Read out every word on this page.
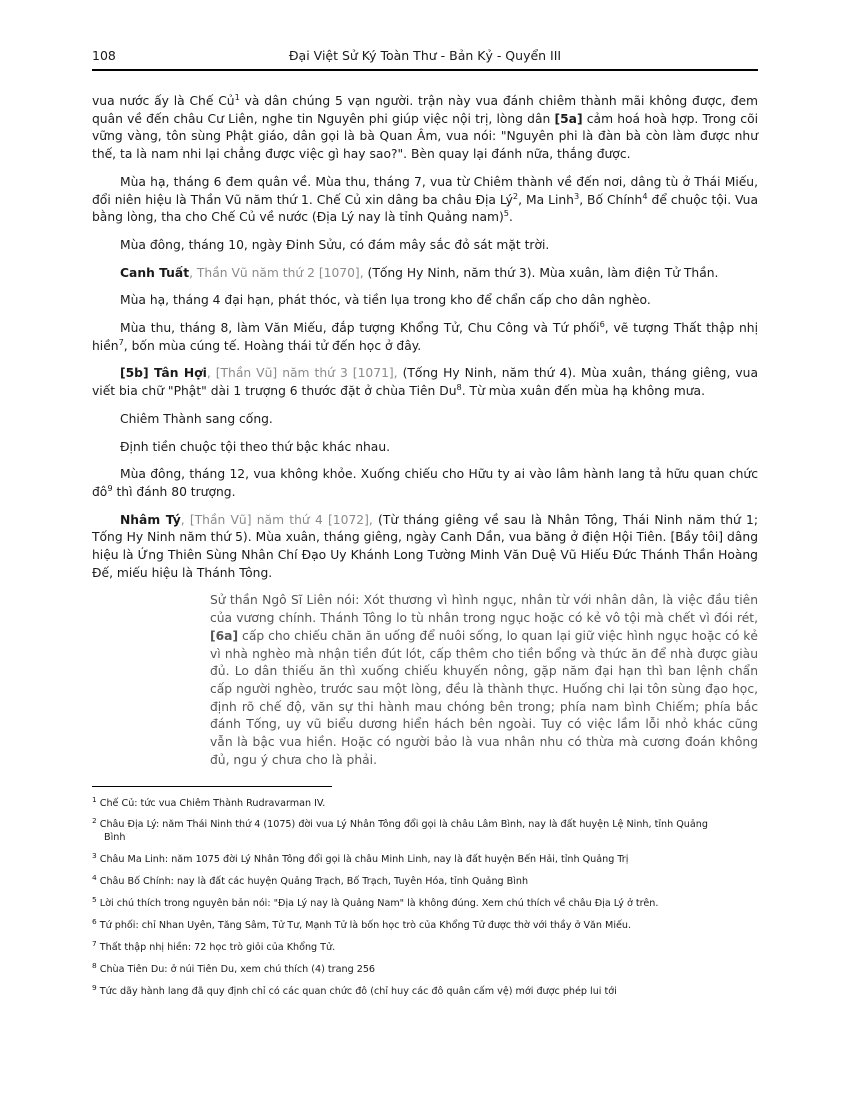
108	Đại Việt Sử Ký Toàn Thư - Bản Kỷ - Quyển III

vua nước ấy là Chế Củ$^1$ và dân chúng 5 vạn người. trận này vua đánh chiêm thành mãi không được, đem quân về đến châu Cư Liên, nghe tin Nguyên phi giúp việc nội trị, lòng dân [5a] cảm hoá hoà hợp. Trong cõi vững vàng, tôn sùng Phật giáo, dân gọi là bà Quan Âm, vua nói: "Nguyên phi là đàn bà còn làm được như thế, ta là nam nhi lại chẳng được việc gì hay sao?". Bèn quay lại đánh nữa, thắng được.

Mùa hạ, tháng 6 đem quân về. Mùa thu, tháng 7, vua từ Chiêm thành về đến nơi, dâng tù ở Thái Miếu, đổi niên hiệu là Thần Vũ năm thứ 1. Chế Củ xin dâng ba châu Địa $Lý^2$, Ma Linh$^3$, Bố Chính$^4$ để chuộc tội. Vua bằng lòng, tha cho Chế Củ về nước (Địa Lý nay là tỉnh Quảng nam)$^5$.

Mùa đông, tháng 10, ngày Đinh Sửu, có đám mây sắc đỏ sát mặt trời.

Canh Tuất, Thần Vũ năm thứ 2 [1070], (Tống Hy Ninh, năm thứ 3). Mùa xuân, làm điện Tử Thần.

Mùa hạ, tháng 4 đại hạn, phát thóc, và tiền lụa trong kho để chẩn cấp cho dân nghèo.

Mùa thu, tháng 8, làm Văn Miếu, đắp tượng Khổng Tử, Chu Công và Tứ phối$^6$, vẽ tượng Thất thập nhị hiền$^7$, bốn mùa cúng tế. Hoàng thái tử đến học ở đây.

[5b] Tân Hợi, [Thần Vũ] năm thứ 3 [1071], (Tống Hy Ninh, năm thứ 4). Mùa xuân, tháng giêng, vua viết bia chữ "Phật" dài 1 trượng 6 thước đặt ở chùa Tiên Du$^8$. Từ mùa xuân đến mùa hạ không mưa.

Chiêm Thành sang cống.

Định tiền chuộc tội theo thứ bậc khác nhau.

Mùa đông, tháng 12, vua không khỏe. Xuống chiếu cho Hữu ty ai vào lâm hành lang tả hữu quan chức $đô^9$ thì đánh 80 trượng.

Nhâm Tý, [Thần Vũ] năm thứ 4 [1072], (Từ tháng giêng về sau là Nhân Tông, Thái Ninh năm thứ 1; Tống Hy Ninh năm thứ 5). Mùa xuân, tháng giêng, ngày Canh Dần, vua băng ở điện Hội Tiên. [Bầy tôi] dâng hiệu là Ứng Thiên Sùng Nhân Chí Đạo Uy Khánh Long Tường Minh Văn Duệ Vũ Hiếu Đức Thánh Thần Hoàng Đế, miếu hiệu là Thánh Tông.

Sử thần Ngô Sĩ Liên nói: Xót thương vì hình ngục, nhân từ với nhân dân, là việc đầu tiên của vương chính. Thánh Tông lo tù nhân trong ngục hoặc có kẻ vô tội mà chết vì đói rét, [6a] cấp cho chiếu chăn ăn uống để nuôi sống, lo quan lại giữ việc hình ngục hoặc có kẻ vì nhà nghèo mà nhận tiền đút lót, cấp thêm cho tiền bổng và thức ăn để nhà được giàu đủ. Lo dân thiếu ăn thì xuống chiếu khuyến nông, gặp năm đại hạn thì ban lệnh chẩn cấp người nghèo, trước sau một lòng, đều là thành thực. Huống chi lại tôn sùng đạo học, định rõ chế độ, văn sự thi hành mau chóng bên trong; phía nam bình Chiếm; phía bắc đánh Tống, uy vũ biểu dương hiển hách bên ngoài. Tuy có việc lầm lỗi nhỏ khác cũng vẫn là bậc vua hiền. Hoặc có người bảo là vua nhân nhu có thừa mà cương đoán không đủ, ngu ý chưa cho là phải.

$^1$ Chế Củ: tức vua Chiêm Thành Rudravarman IV.
$^2$ Châu Địa Lý: năm Thái Ninh thứ 4 (1075) đời vua Lý Nhân Tông đổi gọi là châu Lâm Bình, nay là đất huyện Lệ Ninh, tỉnh Quảng
Bình
$^3$ Châu Ma Linh: năm 1075 đời Lý Nhân Tông đổi gọi là châu Minh Linh, nay là đất huyện Bến Hải, tỉnh Quảng Trị
$^4$ Châu Bố Chính: nay là đất các huyện Quảng Trạch, Bố Trạch, Tuyên Hóa, tỉnh Quảng Bình
$^5$ Lời chú thích trong nguyên bản nói: "Địa Lý nay là Quảng Nam" là không đúng. Xem chú thích về châu Địa Lý ở trên.
$^6$ Tứ phối: chỉ Nhan Uyên, Tăng Sâm, Tử Tư, Mạnh Tử là bốn học trò của Khổng Tử được thờ với thầy ở Văn Miếu.
$^7$ Thất thập nhị hiền: 72 học trò giỏi của Khổng Tử.
$^8$ Chùa Tiên Du: ở núi Tiên Du, xem chú thích (4) trang 256
$^9$ Tức dãy hành lang đã quy định chỉ có các quan chức đô (chỉ huy các đô quân cấm vệ) mới được phép lui tới
